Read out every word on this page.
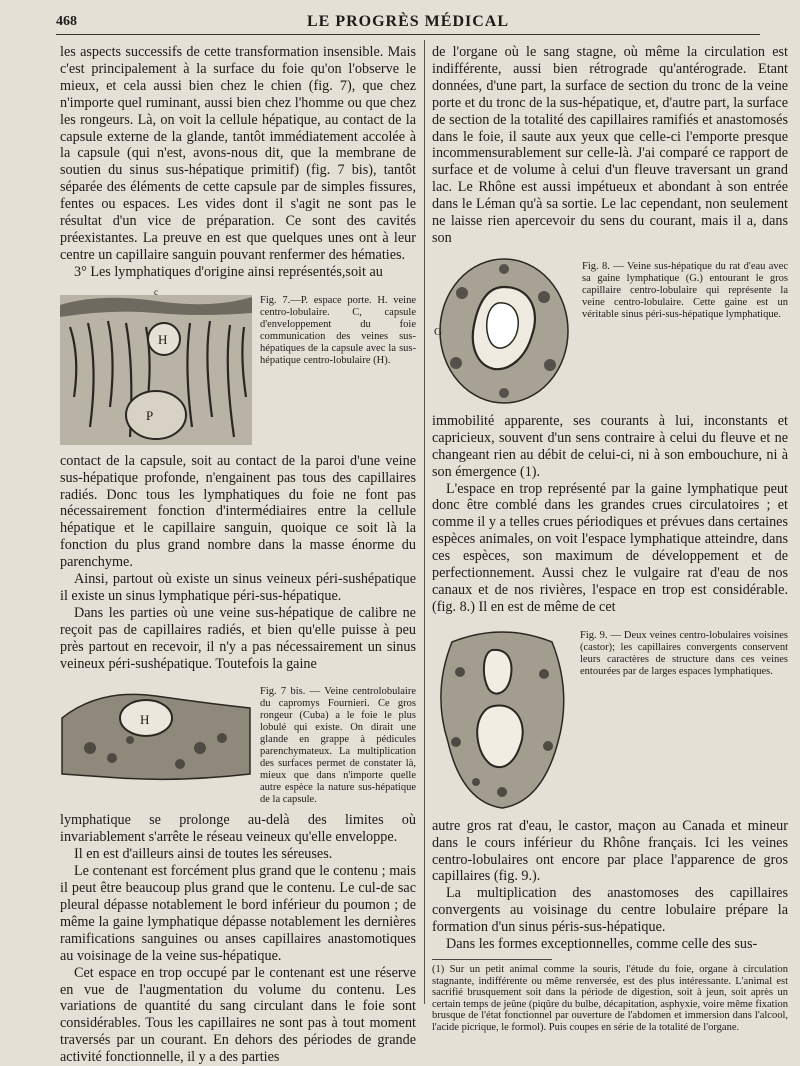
468	LE PROGRÈS MÉDICAL

les aspects successifs de cette transformation insensible. Mais c'est principalement à la surface du foie qu'on l'observe le mieux, et cela aussi bien chez le chien (fig. 7), que chez n'importe quel ruminant, aussi bien chez l'homme ou que chez les rongeurs. Là, on voit la cellule hépatique, au contact de la capsule externe de la glande, tantôt immédiatement accolée à la capsule (qui n'est, avons-nous dit, que la membrane de soutien du sinus sus-hépatique primitif) (fig. 7 bis), tantôt séparée des éléments de cette capsule par de simples fissures, fentes ou espaces. Les vides dont il s'agit ne sont pas le résultat d'un vice de préparation. Ce sont des cavités préexistantes. La preuve en est que quelques unes ont à leur centre un capillaire sanguin pouvant renfermer des hématies.

3° Les lymphatiques d'origine ainsi représentés,soit au

H
P
c

Fig. 7.—P. espace porte. H. veine centro-lobulaire. C, capsule d'enveloppement du foie communication des veines sus-hépatiques de la capsule avec la sus-hépatique centro-lobulaire (H).

contact de la capsule, soit au contact de la paroi d'une veine sus-hépatique profonde, n'engainent pas tous des capillaires radiés. Donc tous les lymphatiques du foie ne font pas nécessairement fonction d'intermédiaires entre la cellule hépatique et le capillaire sanguin, quoique ce soit là la fonction du plus grand nombre dans la masse énorme du parenchyme.

Ainsi, partout où existe un sinus veineux péri-sushépatique il existe un sinus lymphatique péri-sus-hépatique.

Dans les parties où une veine sus-hépatique de calibre ne reçoit pas de capillaires radiés, et bien qu'elle puisse à peu près partout en recevoir, il n'y a pas nécessairement un sinus veineux péri-sushépatique. Toutefois la gaine

H

Fig. 7 bis. — Veine centrolobulaire du capromys Fournieri. Ce gros rongeur (Cuba) a le foie le plus lobulé qui existe. On dirait une glande en grappe à pédicules parenchymateux. La multiplication des surfaces permet de constater là, mieux que dans n'importe quelle autre espèce la nature sus-hépatique de la capsule.

lymphatique se prolonge au-delà des limites où invariablement s'arrête le réseau veineux qu'elle enveloppe.

Il en est d'ailleurs ainsi de toutes les séreuses.

Le contenant est forcément plus grand que le contenu ; mais il peut être beaucoup plus grand que le contenu. Le cul-de sac pleural dépasse notablement le bord inférieur du poumon ; de même la gaine lymphatique dépasse notablement les dernières ramifications sanguines ou anses capillaires anastomotiques au voisinage de la veine sus-hépatique.

Cet espace en trop occupé par le contenant est une réserve en vue de l'augmentation du volume du contenu. Les variations de quantité du sang circulant dans le foie sont considérables. Tous les capillaires ne sont pas à tout moment traversés par un courant. En dehors des périodes de grande activité fonctionnelle, il y a des parties

de l'organe où le sang stagne, où même la circulation est indifférente, aussi bien rétrograde qu'antérograde. Etant données, d'une part, la surface de section du tronc de la veine porte et du tronc de la sus-hépatique, et, d'autre part, la surface de section de la totalité des capillaires ramifiés et anastomosés dans le foie, il saute aux yeux que celle-ci l'emporte presque incommensurablement sur celle-là. J'ai comparé ce rapport de surface et de volume à celui d'un fleuve traversant un grand lac. Le Rhône est aussi impétueux et abondant à son entrée dans le Léman qu'à sa sortie. Le lac cependant, non seulement ne laisse rien apercevoir du sens du courant, mais il a, dans son

G

Fig. 8. — Veine sus-hépatique du rat d'eau avec sa gaine lymphatique (G.) entourant le gros capillaire centro-lobulaire qui représente la veine centro-lobulaire. Cette gaine est un véritable sinus péri-sus-hépatique lymphatique.

immobilité apparente, ses courants à lui, inconstants et capricieux, souvent d'un sens contraire à celui du fleuve et ne changeant rien au débit de celui-ci, ni à son embouchure, ni à son émergence (1).

L'espace en trop représenté par la gaine lymphatique peut donc être comblé dans les grandes crues circulatoires ; et comme il y a telles crues périodiques et prévues dans certaines espèces animales, on voit l'espace lymphatique atteindre, dans ces espèces, son maximum de développement et de perfectionnement. Aussi chez le vulgaire rat d'eau de nos canaux et de nos rivières, l'espace en trop est considérable. (fig. 8.) Il en est de même de cet

Fig. 9. — Deux veines centro-lobulaires voisines (castor); les capillaires convergents conservent leurs caractères de structure dans ces veines entourées par de larges espaces lymphatiques.

autre gros rat d'eau, le castor, maçon au Canada et mineur dans le cours inférieur du Rhône français. Ici les veines centro-lobulaires ont encore par place l'apparence de gros capillaires (fig. 9.).

La multiplication des anastomoses des capillaires convergents au voisinage du centre lobulaire prépare la formation d'un sinus péris-sus-hépatique.

Dans les formes exceptionnelles, comme celle des sus-

(1) Sur un petit animal comme la souris, l'étude du foie, organe à circulation stagnante, indifférente ou même renversée, est des plus intéressante. L'animal est sacrifié brusquement soit dans la période de digestion, soit à jeun, soit après un certain temps de jeûne (piqûre du bulbe, décapitation, asphyxie, voire même fixation brusque de l'état fonctionnel par ouverture de l'abdomen et immersion dans l'alcool, l'acide picrique, le formol). Puis coupes en série de la totalité de l'organe.
